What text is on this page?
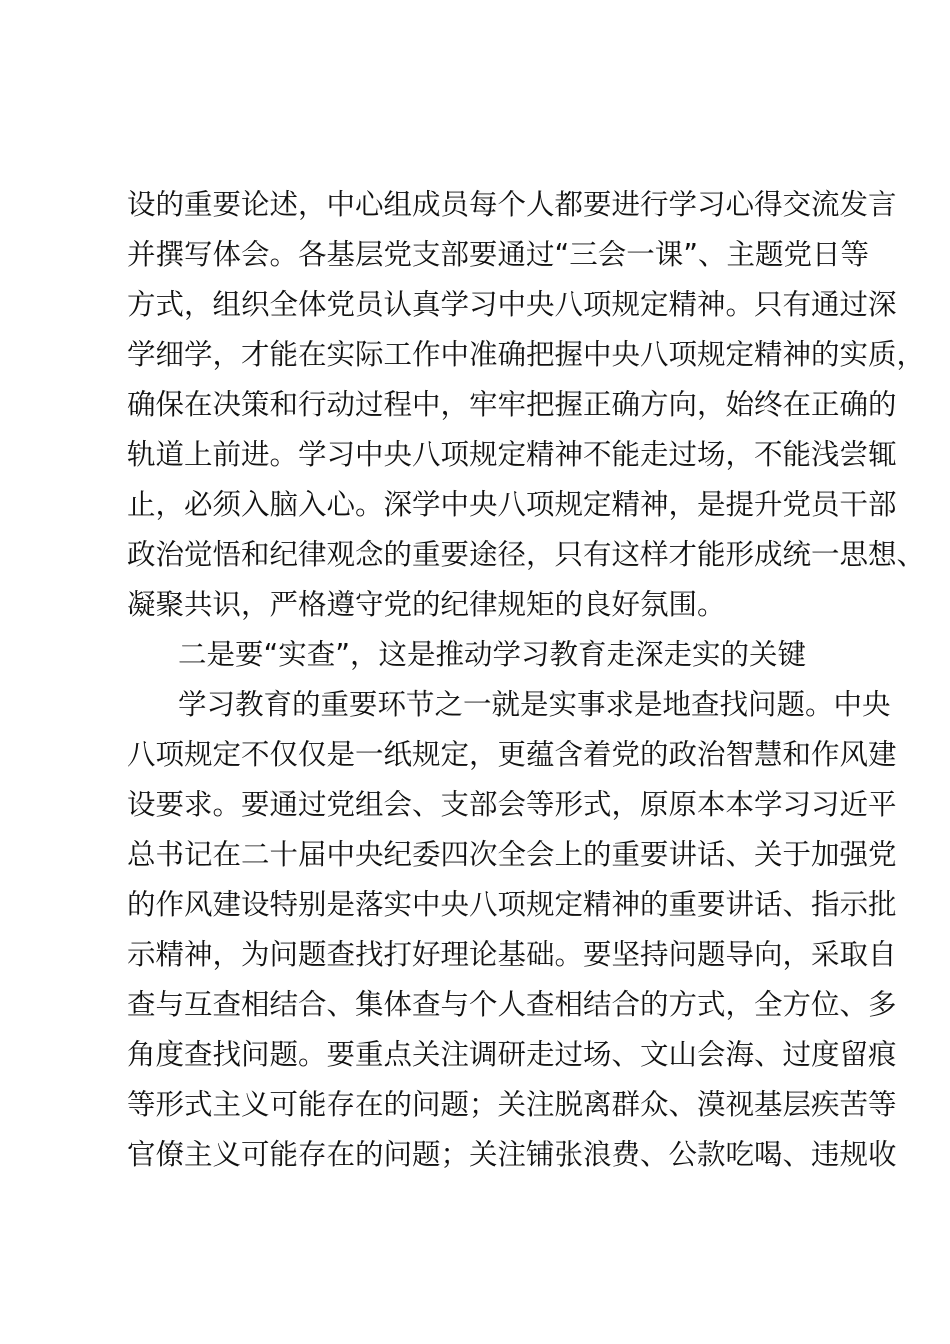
设的重要论述，中心组成员每个人都要进行学习心得交流发言
并撰写体会。各基层党支部要通过“三会一课”、主题党日等
方式，组织全体党员认真学习中央八项规定精神。只有通过深
学细学，才能在实际工作中准确把握中央八项规定精神的实质，
确保在决策和行动过程中，牢牢把握正确方向，始终在正确的
轨道上前进。学习中央八项规定精神不能走过场，不能浅尝辄
止，必须入脑入心。深学中央八项规定精神，是提升党员干部
政治觉悟和纪律观念的重要途径，只有这样才能形成统一思想、
凝聚共识，严格遵守党的纪律规矩的良好氛围。

二是要“实查”，这是推动学习教育走深走实的关键

学习教育的重要环节之一就是实事求是地查找问题。中央
八项规定不仅仅是一纸规定，更蕴含着党的政治智慧和作风建
设要求。要通过党组会、支部会等形式，原原本本学习习近平
总书记在二十届中央纪委四次全会上的重要讲话、关于加强党
的作风建设特别是落实中央八项规定精神的重要讲话、指示批
示精神，为问题查找打好理论基础。要坚持问题导向，采取自
查与互查相结合、集体查与个人查相结合的方式，全方位、多
角度查找问题。要重点关注调研走过场、文山会海、过度留痕
等形式主义可能存在的问题；关注脱离群众、漠视基层疾苦等
官僚主义可能存在的问题；关注铺张浪费、公款吃喝、违规收
